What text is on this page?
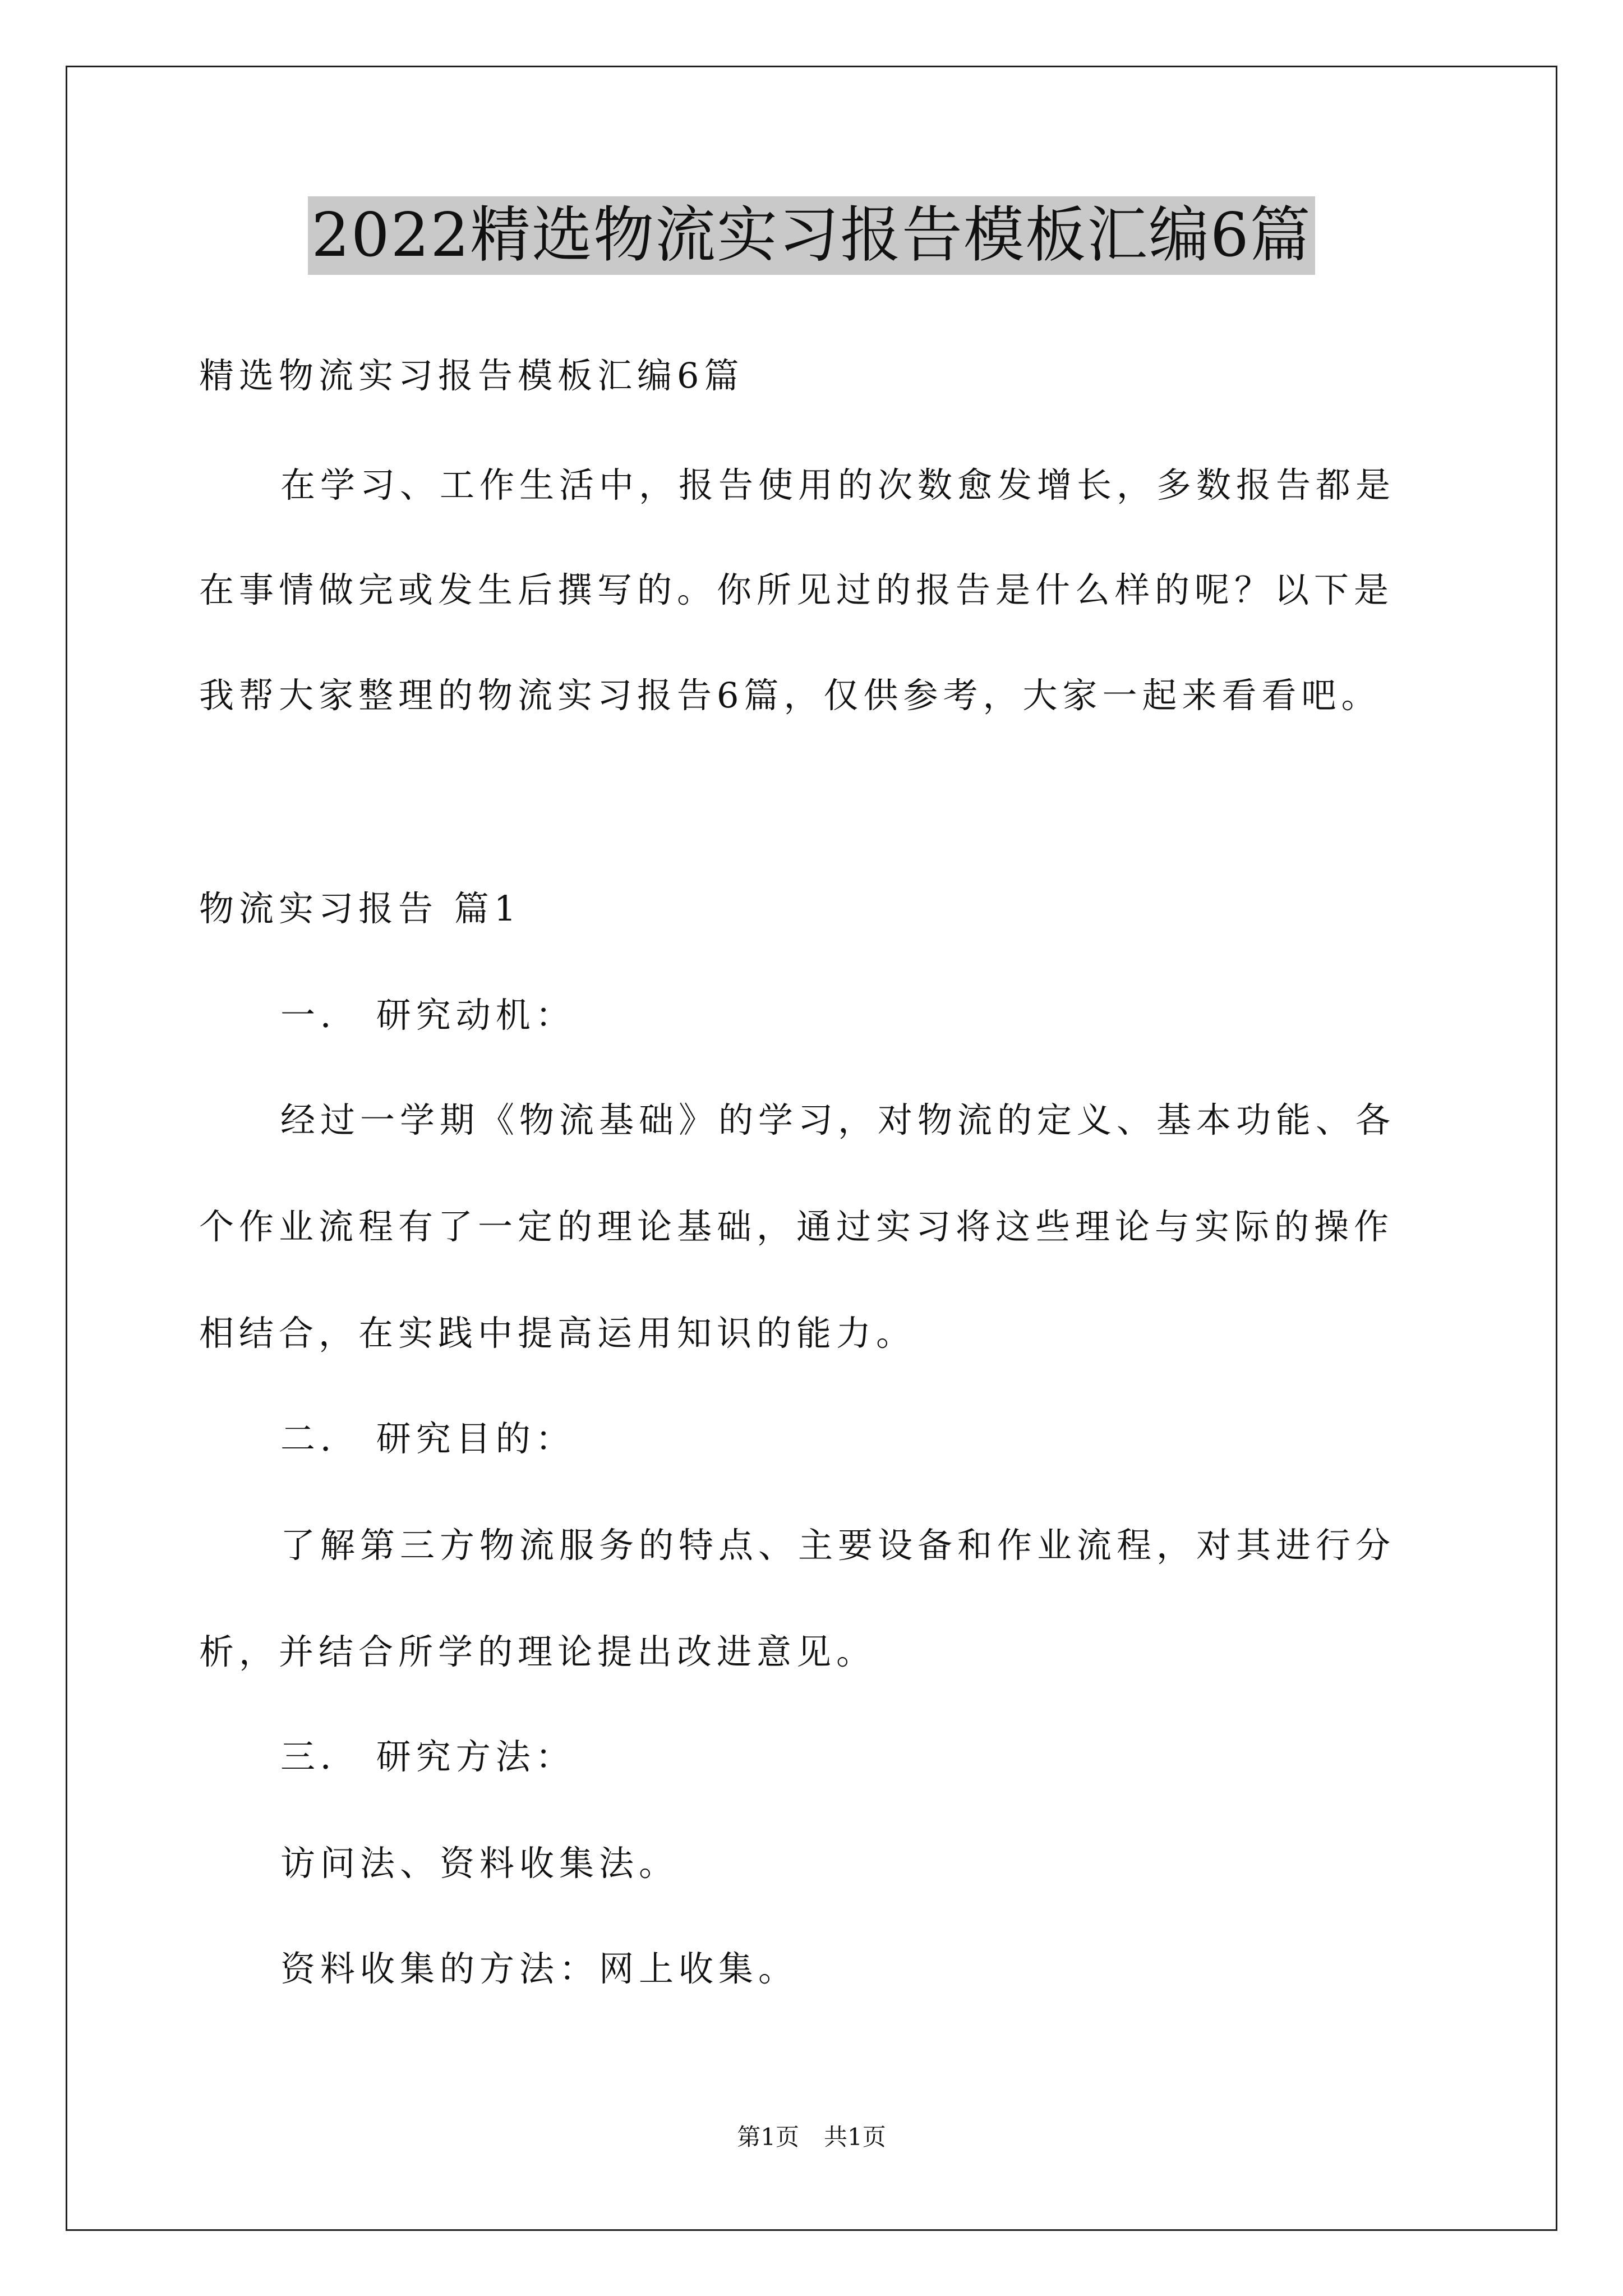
2022精选物流实习报告模板汇编6篇
精选物流实习报告模板汇编6篇
在学习、工作生活中，报告使用的次数愈发增长，多数报告都是
在事情做完或发生后撰写的。你所见过的报告是什么样的呢？以下是
我帮大家整理的物流实习报告6篇，仅供参考，大家一起来看看吧。
物流实习报告 篇1
一． 研究动机：
经过一学期《物流基础》的学习，对物流的定义、基本功能、各
个作业流程有了一定的理论基础，通过实习将这些理论与实际的操作
相结合，在实践中提高运用知识的能力。
二． 研究目的：
了解第三方物流服务的特点、主要设备和作业流程，对其进行分
析，并结合所学的理论提出改进意见。
三． 研究方法：
访问法、资料收集法。
资料收集的方法：网上收集。
第1页 共1页
